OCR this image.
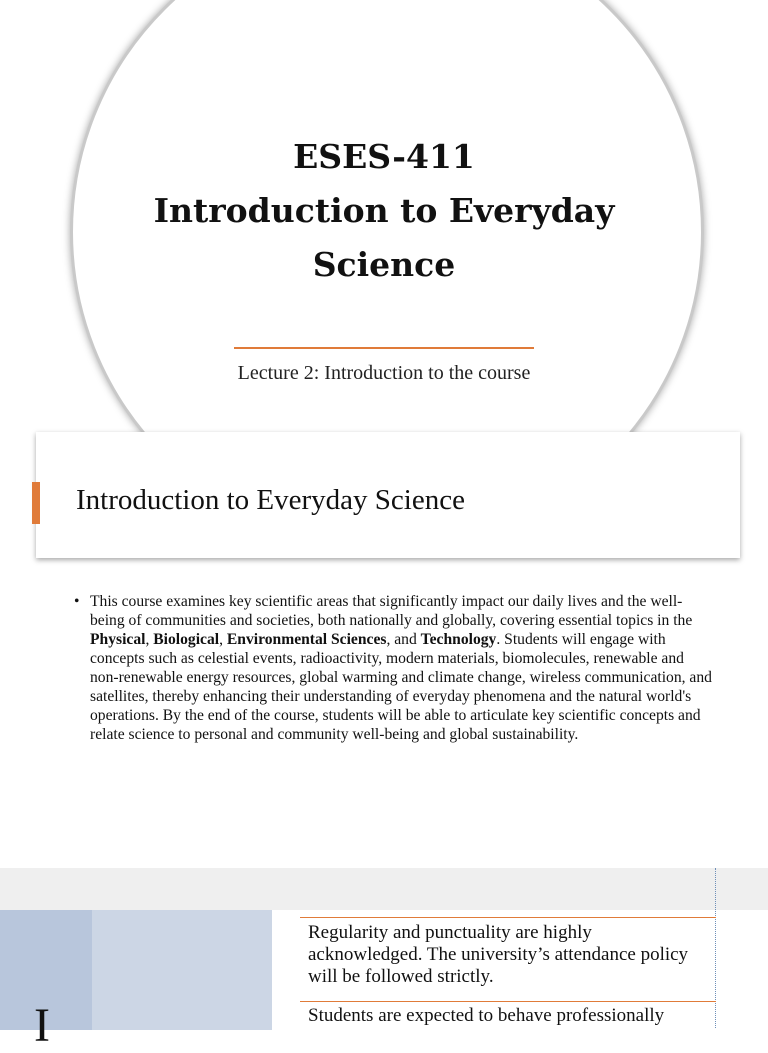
ESES-411
Introduction to Everyday
Science
Lecture 2: Introduction to the course
Introduction to Everyday Science
• This course examines key scientific areas that significantly impact our daily lives and the well-being of communities and societies, both nationally and globally, covering essential topics in the Physical, Biological, Environmental Sciences, and Technology. Students will engage with concepts such as celestial events, radioactivity, modern materials, biomolecules, renewable and non-renewable energy resources, global warming and climate change, wireless communication, and satellites, thereby enhancing their understanding of everyday phenomena and the natural world's operations. By the end of the course, students will be able to articulate key scientific concepts and relate science to personal and community well-being and global sustainability.
I
Regularity and punctuality are highly acknowledged. The university’s attendance policy will be followed strictly.
Students are expected to behave professionally
